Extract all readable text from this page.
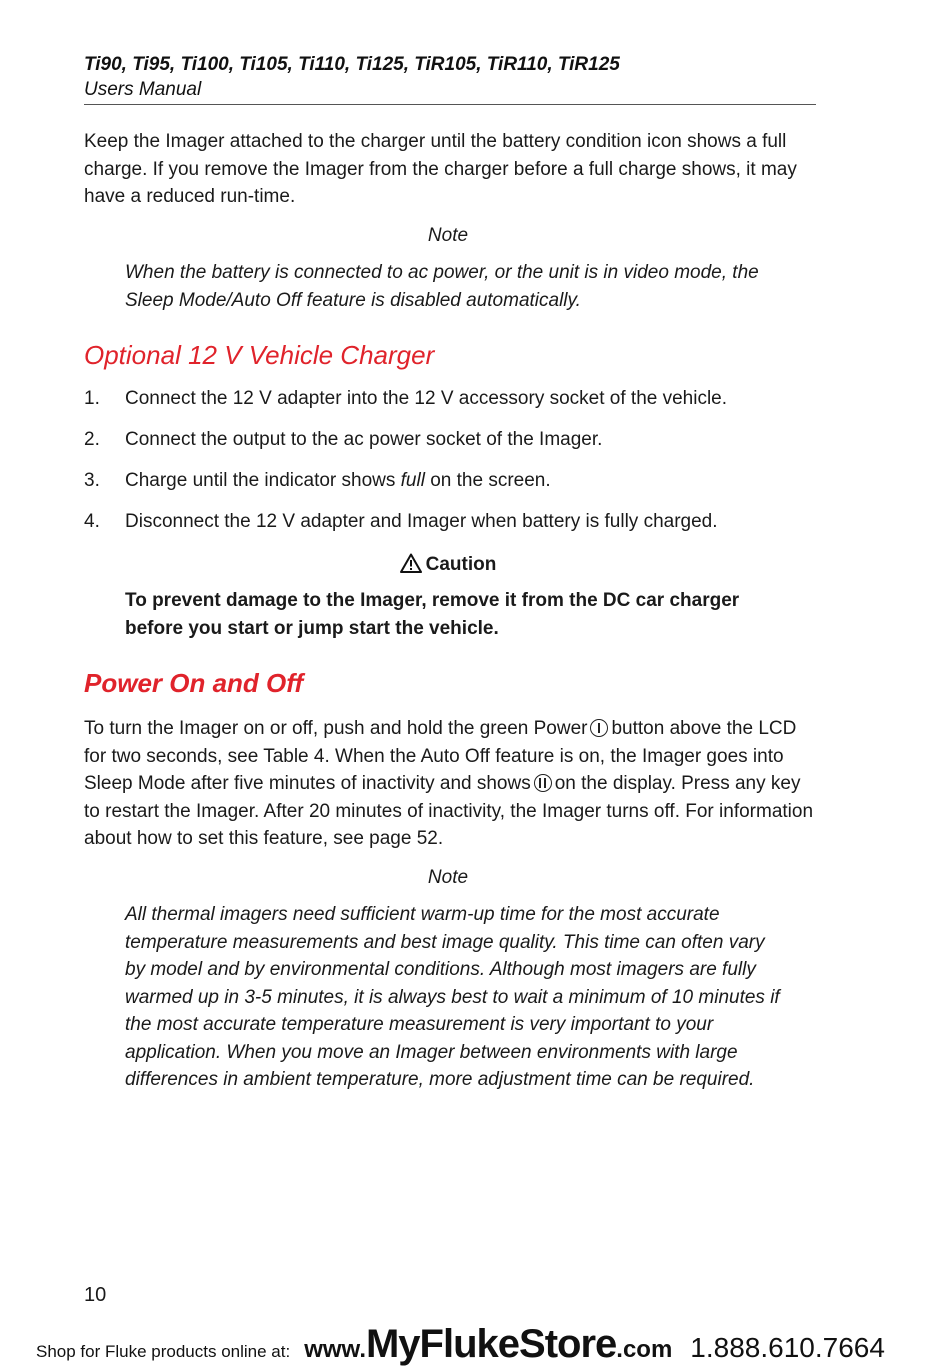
Ti90, Ti95, Ti100, Ti105, Ti110, Ti125, TiR105, TiR110, TiR125
Users Manual
Keep the Imager attached to the charger until the battery condition icon shows a full charge. If you remove the Imager from the charger before a full charge shows, it may have a reduced run-time.
Note
When the battery is connected to ac power, or the unit is in video mode, the Sleep Mode/Auto Off feature is disabled automatically.
Optional 12 V Vehicle Charger
1. Connect the 12 V adapter into the 12 V accessory socket of the vehicle.
2. Connect the output to the ac power socket of the Imager.
3. Charge until the indicator shows full on the screen.
4. Disconnect the 12 V adapter and Imager when battery is fully charged.
Caution
To prevent damage to the Imager, remove it from the DC car charger before you start or jump start the vehicle.
Power On and Off
To turn the Imager on or off, push and hold the green Power button above the LCD for two seconds, see Table 4. When the Auto Off feature is on, the Imager goes into Sleep Mode after five minutes of inactivity and shows on the display. Press any key to restart the Imager. After 20 minutes of inactivity, the Imager turns off. For information about how to set this feature, see page 52.
Note
All thermal imagers need sufficient warm-up time for the most accurate temperature measurements and best image quality. This time can often vary by model and by environmental conditions. Although most imagers are fully warmed up in 3-5 minutes, it is always best to wait a minimum of 10 minutes if the most accurate temperature measurement is very important to your application. When you move an Imager between environments with large differences in ambient temperature, more adjustment time can be required.
10
Shop for Fluke products online at: www.MyFlukeStore.com 1.888.610.7664
